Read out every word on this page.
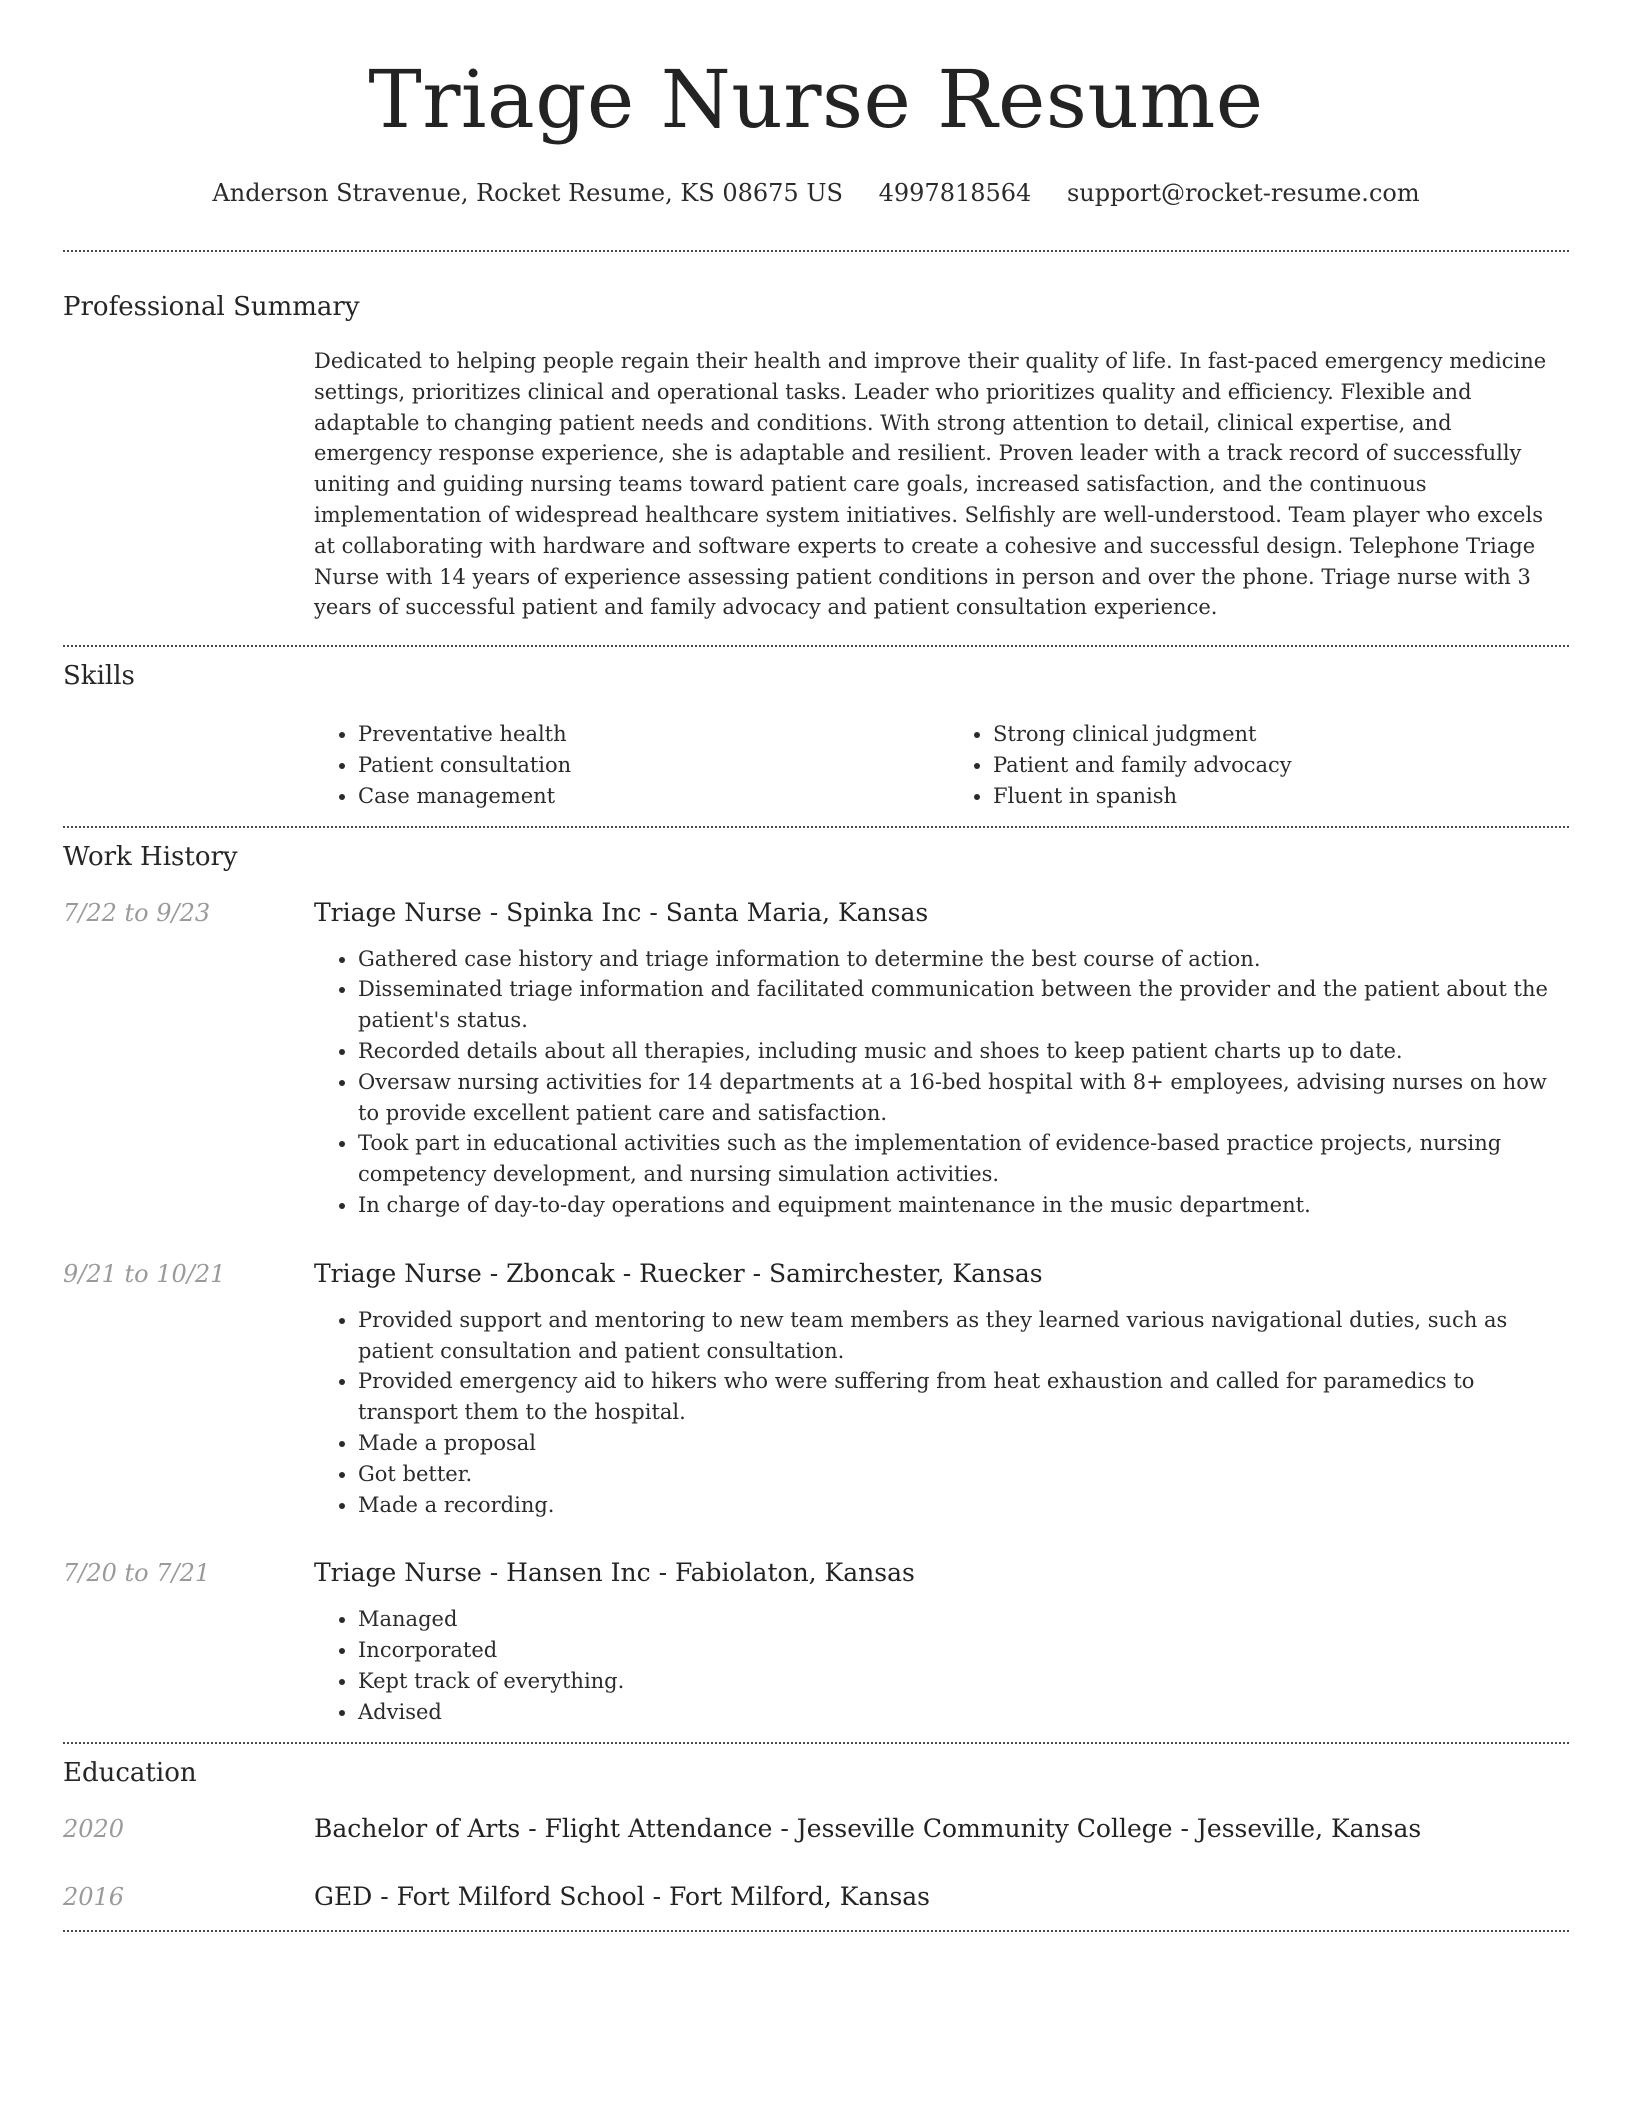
Triage Nurse Resume
Anderson Stravenue, Rocket Resume, KS 08675 US 4997818564 support@rocket-resume.com
Professional Summary

Dedicated to helping people regain their health and improve their quality of life. In fast-paced emergency medicine settings, prioritizes clinical and operational tasks. Leader who prioritizes quality and efficiency. Flexible and adaptable to changing patient needs and conditions. With strong attention to detail, clinical expertise, and emergency response experience, she is adaptable and resilient. Proven leader with a track record of successfully uniting and guiding nursing teams toward patient care goals, increased satisfaction, and the continuous implementation of widespread healthcare system initiatives. Selfishly are well-understood. Team player who excels at collaborating with hardware and software experts to create a cohesive and successful design. Telephone Triage Nurse with 14 years of experience assessing patient conditions in person and over the phone. Triage nurse with 3 years of successful patient and family advocacy and patient consultation experience.

Skills
• Preventative health
• Patient consultation
• Case management
• Strong clinical judgment
• Patient and family advocacy
• Fluent in spanish
Work History
7/22 to 9/23	Triage Nurse - Spinka Inc - Santa Maria, Kansas
• Gathered case history and triage information to determine the best course of action.
• Disseminated triage information and facilitated communication between the provider and the patient about the patient's status.
• Recorded details about all therapies, including music and shoes to keep patient charts up to date.
• Oversaw nursing activities for 14 departments at a 16-bed hospital with 8+ employees, advising nurses on how to provide excellent patient care and satisfaction.
• Took part in educational activities such as the implementation of evidence-based practice projects, nursing competency development, and nursing simulation activities.
• In charge of day-to-day operations and equipment maintenance in the music department.
9/21 to 10/21	Triage Nurse - Zboncak - Ruecker - Samirchester, Kansas
• Provided support and mentoring to new team members as they learned various navigational duties, such as patient consultation and patient consultation.
• Provided emergency aid to hikers who were suffering from heat exhaustion and called for paramedics to transport them to the hospital.
• Made a proposal
• Got better.
• Made a recording.
7/20 to 7/21	Triage Nurse - Hansen Inc - Fabiolaton, Kansas
• Managed
• Incorporated
• Kept track of everything.
• Advised
Education
2020	Bachelor of Arts - Flight Attendance - Jesseville Community College - Jesseville, Kansas
2016	GED - Fort Milford School - Fort Milford, Kansas
